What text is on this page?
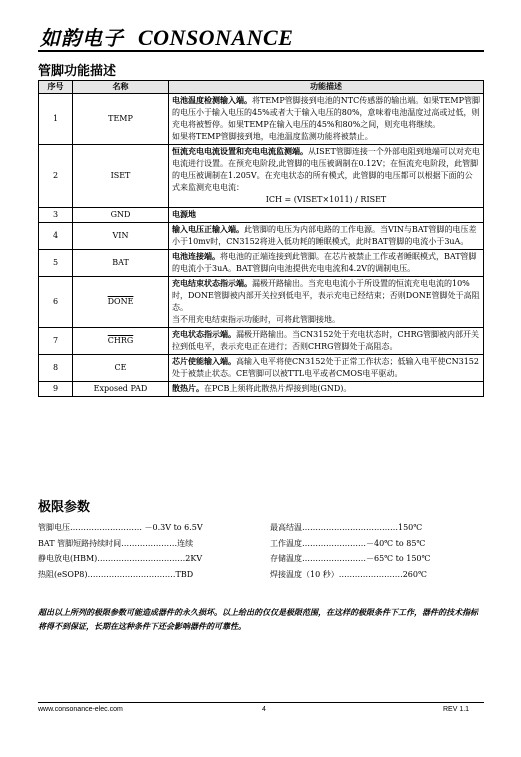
如韵电子 CONSONANCE
管脚功能描述
序号	名称	功能描述
1	TEMP	电池温度检测输入端。将TEMP管脚接到电池的NTC传感器的输出端。如果TEMP管脚的电压小于输入电压的45%或者大于输入电压的80%，意味着电池温度过高或过低，则充电将被暂停。如果TEMP在输入电压的45%和80%之间，则充电将继续。
如果将TEMP管脚接到地，电池温度监测功能将被禁止。
2	ISET	恒流充电电流设置和充电电流监测端。从ISET管脚连接一个外部电阻到地端可以对充电电流进行设置。在预充电阶段,此管脚的电压被调制在0.12V；在恒流充电阶段，此管脚的电压被调制在1.205V。在充电状态的所有模式，此管脚的电压都可以根据下面的公式来监测充电电流：
ICH = (VISET×1011) / RISET

3	GND	电源地
4	VIN	输入电压正输入端。此管脚的电压为内部电路的工作电源。当VIN与BAT管脚的电压差小于10mv时，CN3152将进入低功耗的睡眠模式，此时BAT管脚的电流小于3uA。
5	BAT	电池连接端。将电池的正端连接到此管脚。在芯片被禁止工作或者睡眠模式，BAT管脚的电流小于3uA。BAT管脚向电池提供充电电流和4.2V的调制电压。
6	DONE	充电结束状态指示端。漏极开路输出。当充电电流小于所设置的恒流充电电流的10%时，DONE管脚被内部开关拉到低电平，表示充电已经结束；否则DONE管脚处于高阻态。
当不用充电结束指示功能时，可将此管脚接地。
7	CHRG	充电状态指示端。漏极开路输出。当CN3152处于充电状态时，CHRG管脚被内部开关拉到低电平，表示充电正在进行；否则CHRG管脚处于高阻态。
8	CE	芯片使能输入端。高输入电平将使CN3152处于正常工作状态；低输入电平使CN3152处于被禁止状态。CE管脚可以被TTL电平或者CMOS电平驱动。
9	Exposed PAD	散热片。在PCB上须将此散热片焊接到地(GND)。
极限参数
管脚电压……………………… －0.3V to 6.5V
BAT 管脚短路持续时间…………………连续
静电放电(HBM)……………………………2KV
热阻(eSOP8)……………………………TBD
最高结温………………………………150℃
工作温度……………………－40℃ to 85℃
存储温度……………………－65℃ to 150℃
焊接温度（10 秒）……………………260℃
超出以上所列的极限参数可能造成器件的永久损坏。以上给出的仅仅是极限范围，在这样的极限条件下工作，器件的技术指标将得不到保证，长期在这种条件下还会影响器件的可靠性。
www.consonance-elec.com	4	REV 1.1
